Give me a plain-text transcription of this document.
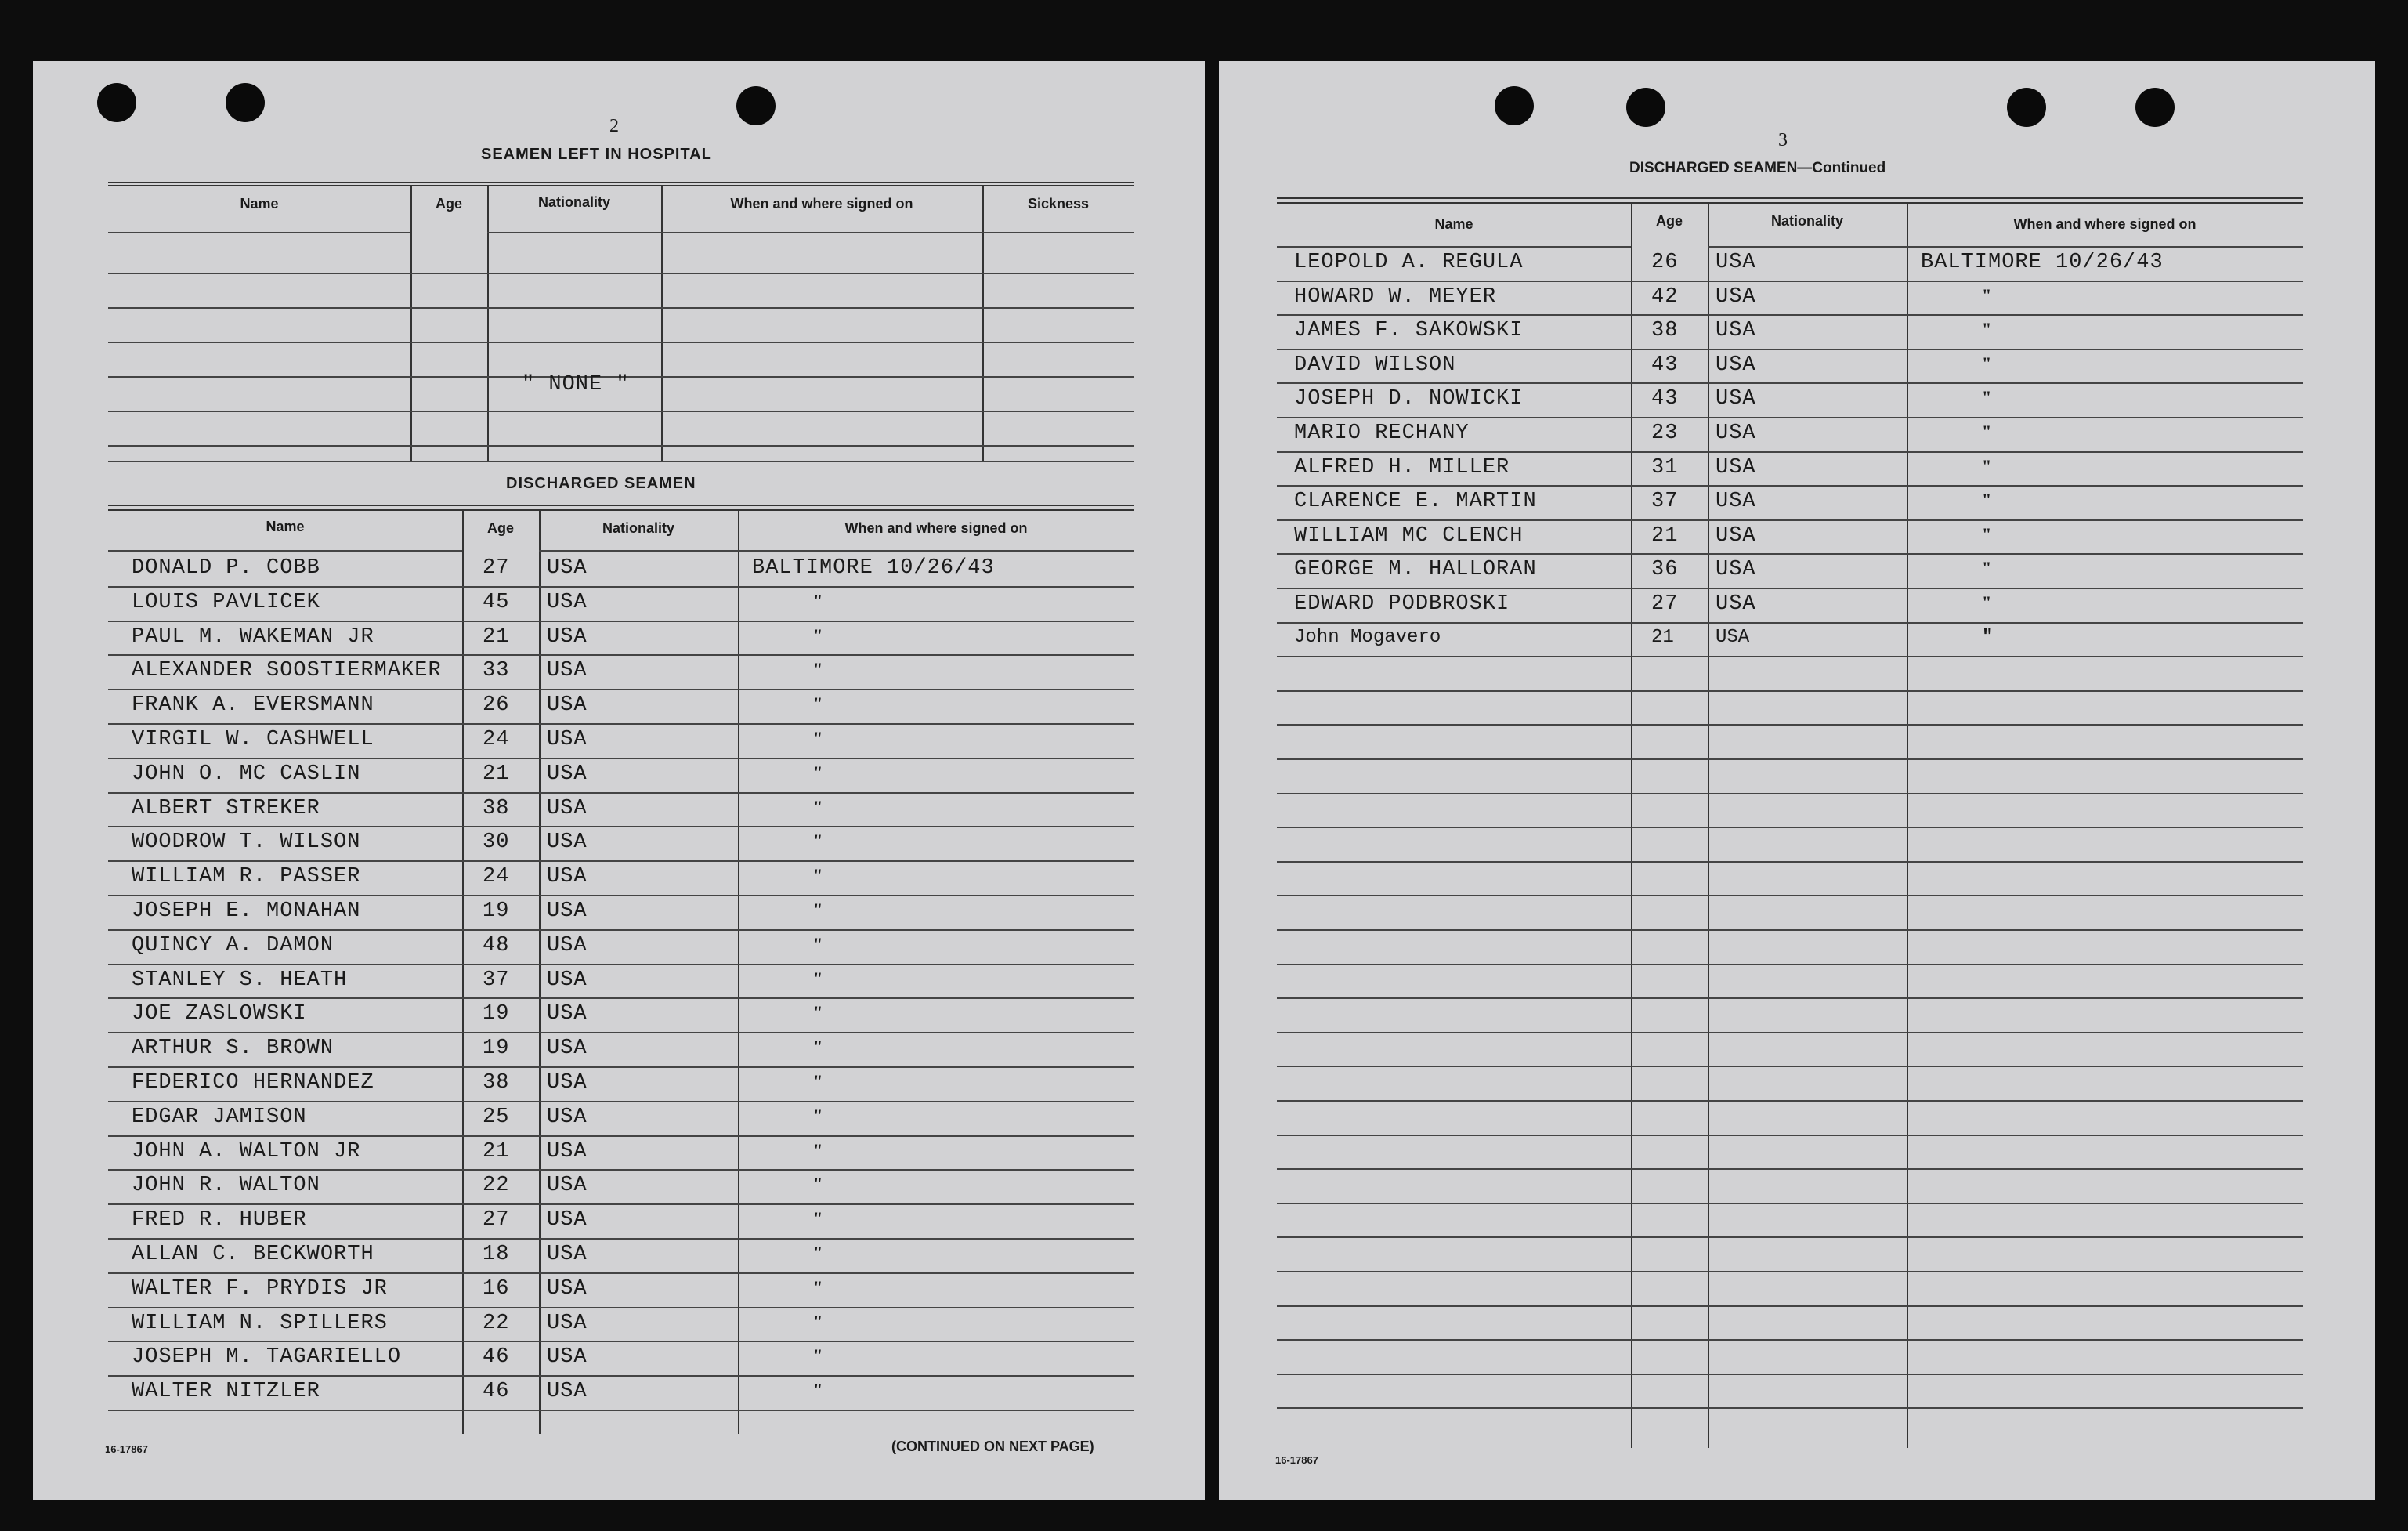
2
SEAMEN LEFT IN HOSPITAL
Name	Age	Nationality	When and where signed on	Sickness
" NONE "
DISCHARGED SEAMEN
Name	Age	Nationality	When and where signed on
DONALD P. COBB	27 USA	BALTIMORE 10/26/43
LOUIS PAVLICEK	45 USA	"
PAUL M. WAKEMAN JR	21 USA	"
ALEXANDER SOOSTIERMAKER 33 USA	"
FRANK A. EVERSMANN	26 USA	"
VIRGIL W. CASHWELL	24 USA	"
JOHN O. MC CASLIN	21 USA	"
ALBERT STREKER	38 USA	"
WOODROW T. WILSON	30 USA	"
WILLIAM R. PASSER	24 USA	"
JOSEPH E. MONAHAN	19 USA	"
QUINCY A. DAMON	48 USA	"
STANLEY S. HEATH	37 USA	"
JOE ZASLOWSKI	19 USA	"
ARTHUR S. BROWN	19 USA	"
FEDERICO HERNANDEZ	38 USA	"
EDGAR JAMISON	25 USA	"
JOHN A. WALTON JR	21 USA	"
JOHN R. WALTON	22 USA	"
FRED R. HUBER	27 USA	"
ALLAN C. BECKWORTH	18 USA	"
WALTER F. PRYDIS JR	16 USA	"
WILLIAM N. SPILLERS	22 USA	"
JOSEPH M. TAGARIELLO	46 USA	"
WALTER NITZLER	46 USA	"
16-17867	(CONTINUED ON NEXT PAGE)
3
DISCHARGED SEAMEN—Continued
Name	Age	Nationality	When and where signed on
LEOPOLD A. REGULA	26 USA	BALTIMORE 10/26/43
HOWARD W. MEYER	42 USA	"
JAMES F. SAKOWSKI	38 USA	"
DAVID WILSON	43 USA	"
JOSEPH D. NOWICKI	43 USA	"
MARIO RECHANY	23 USA	"
ALFRED H. MILLER	31 USA	"
CLARENCE E. MARTIN	37 USA	"
WILLIAM MC CLENCH	21 USA	"
GEORGE M. HALLORAN	36 USA	"
EDWARD PODBROSKI	27 USA	"
John Mogavero	21 USA	"
16-17867
